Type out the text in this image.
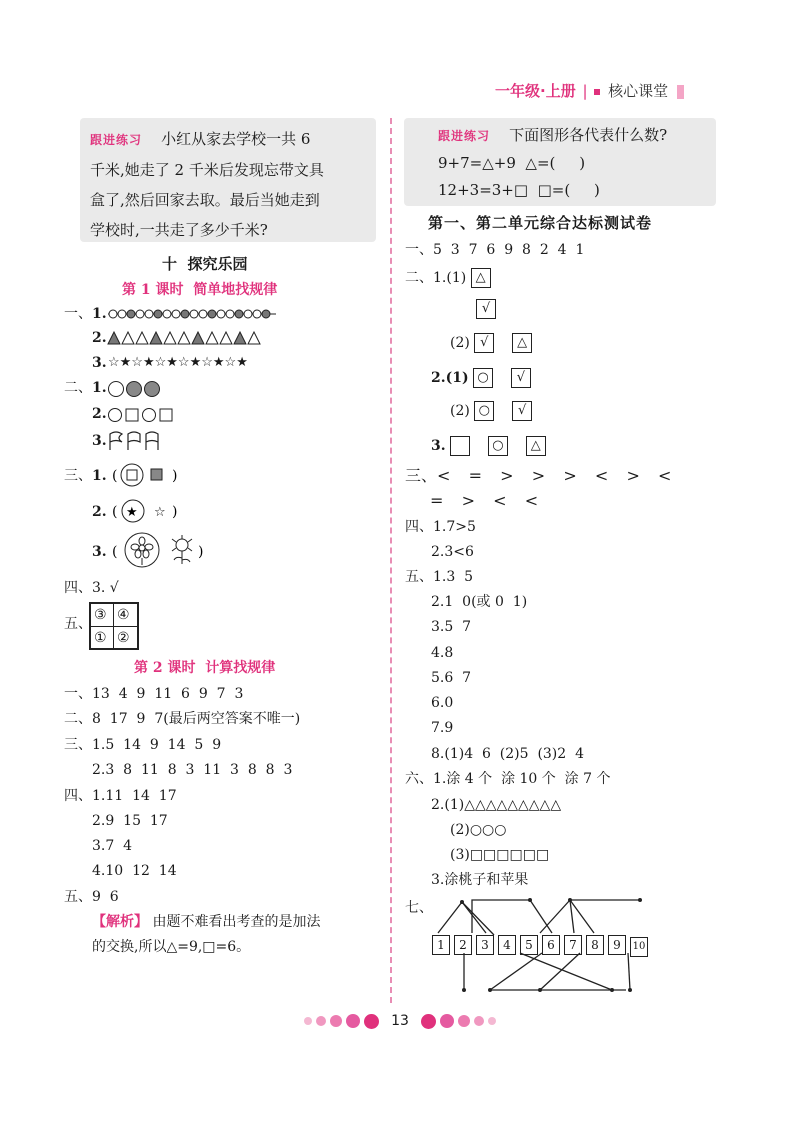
一年级·上册 | 核心课堂
跟进练习 小红从家去学校一共 6
千米,她走了 2 千米后发现忘带文具
盒了,然后回家去取。最后当她走到
学校时,一共走了多少千米?
跟进练习 下面图形各代表什么数?
9+7=△+9  △=(     )
12+3=3+□  □=(     )
十  探究乐园
第 1 课时  简单地找规律
一、 1.
2.
3. ☆★☆★☆★☆★☆★☆★
二、 1.
2.
3.
三、 1. (	)
2. ( ★ ☆ )
3. (	)
四、3. √
五、
③ ④
① ②
第 2 课时  计算找规律
一、13  4  9  11  6  9  7  3
二、8  17  9  7(最后两空答案不唯一)
三、1.5  14  9  14  5  9
2.3  8  11  8  3  11  3  8  8  3
四、1.11  14  17
2.9  15  17
3.7  4
4.10  12  14
五、9  6
【解析】 由题不难看出考查的是加法
的交换,所以△=9,□=6。
第一、第二单元综合达标测试卷
一、5  3  7  6  9  8  2  4  1
二、1.(1) △
√
(2) √ △
2.(1) ○ √
(2) ○ √
3.	○ △
三、<  =  >  >  >  <  >  <
=  >  <  <
四、1.7>5
2.3<6
五、1.3  5
2.1  0(或 0  1)
3.5  7
4.8
5.6  7
6.0
7.9
8.(1)4  6  (2)5  (3)2  4
六、1.涂 4 个  涂 10 个  涂 7 个
2.(1)△△△△△△△△△
(2)○○○
(3)□□□□□□
3.涂桃子和苹果
七、
1 2 3 4 5 6 7 8 9 10
13
